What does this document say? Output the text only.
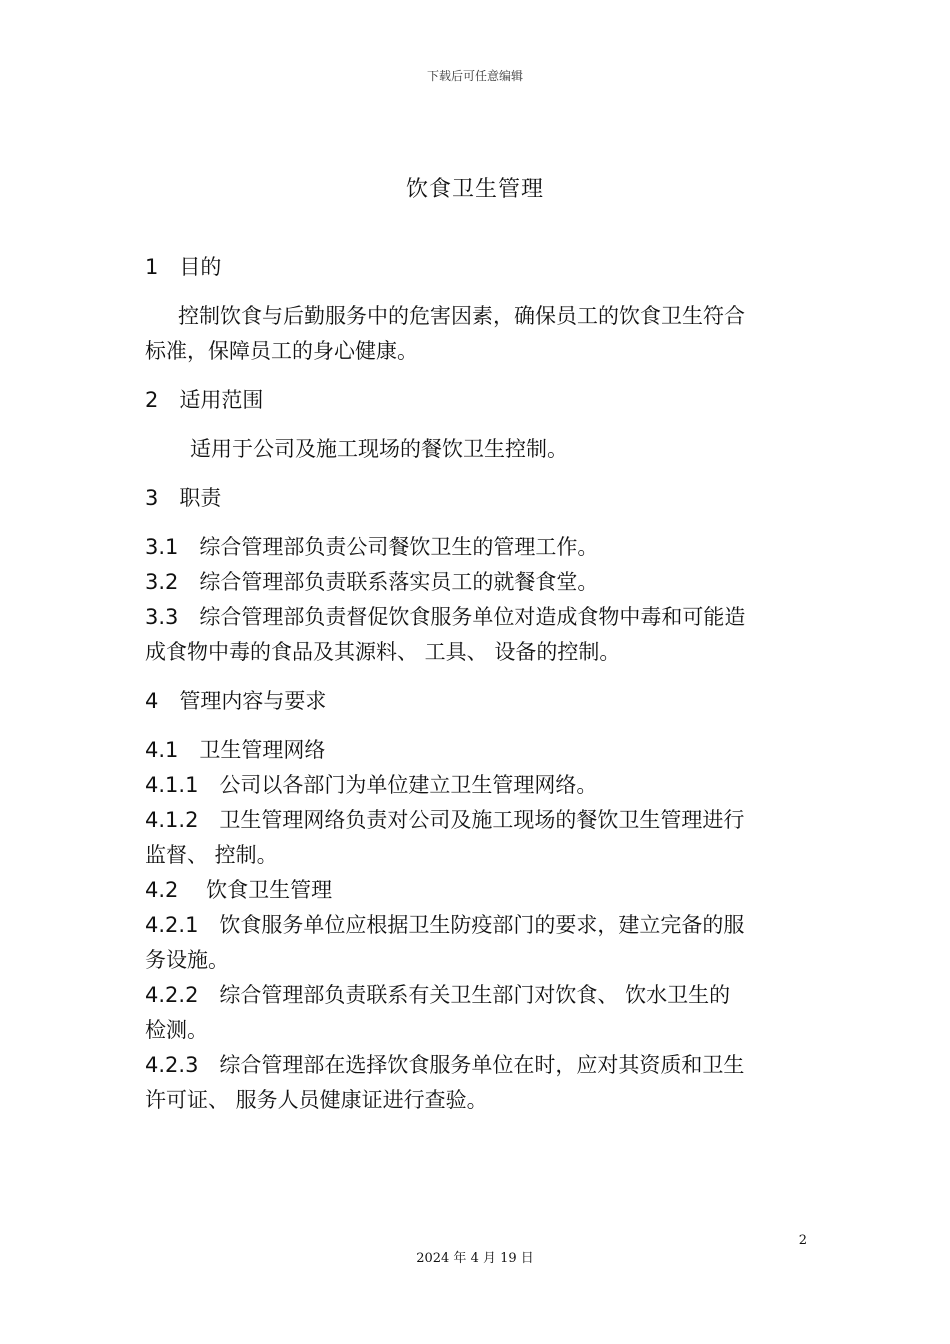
下载后可任意编辑
饮食卫生管理
1　目的
控制饮食与后勤服务中的危害因素，确保员工的饮食卫生符合
标准，保障员工的身心健康。
2　适用范围
适用于公司及施工现场的餐饮卫生控制。
3　职责
3.1　综合管理部负责公司餐饮卫生的管理工作。
3.2　综合管理部负责联系落实员工的就餐食堂。
3.3　综合管理部负责督促饮食服务单位对造成食物中毒和可能造
成食物中毒的食品及其源料、 工具、 设备的控制。
4　管理内容与要求
4.1　卫生管理网络
4.1.1　公司以各部门为单位建立卫生管理网络。
4.1.2　卫生管理网络负责对公司及施工现场的餐饮卫生管理进行
监督、 控制。
4.2　 饮食卫生管理
4.2.1　饮食服务单位应根据卫生防疫部门的要求，建立完备的服
务设施。
4.2.2　综合管理部负责联系有关卫生部门对饮食、 饮水卫生的
检测。
4.2.3　综合管理部在选择饮食服务单位在时，应对其资质和卫生
许可证、 服务人员健康证进行查验。
2
2024 年 4 月 19 日
